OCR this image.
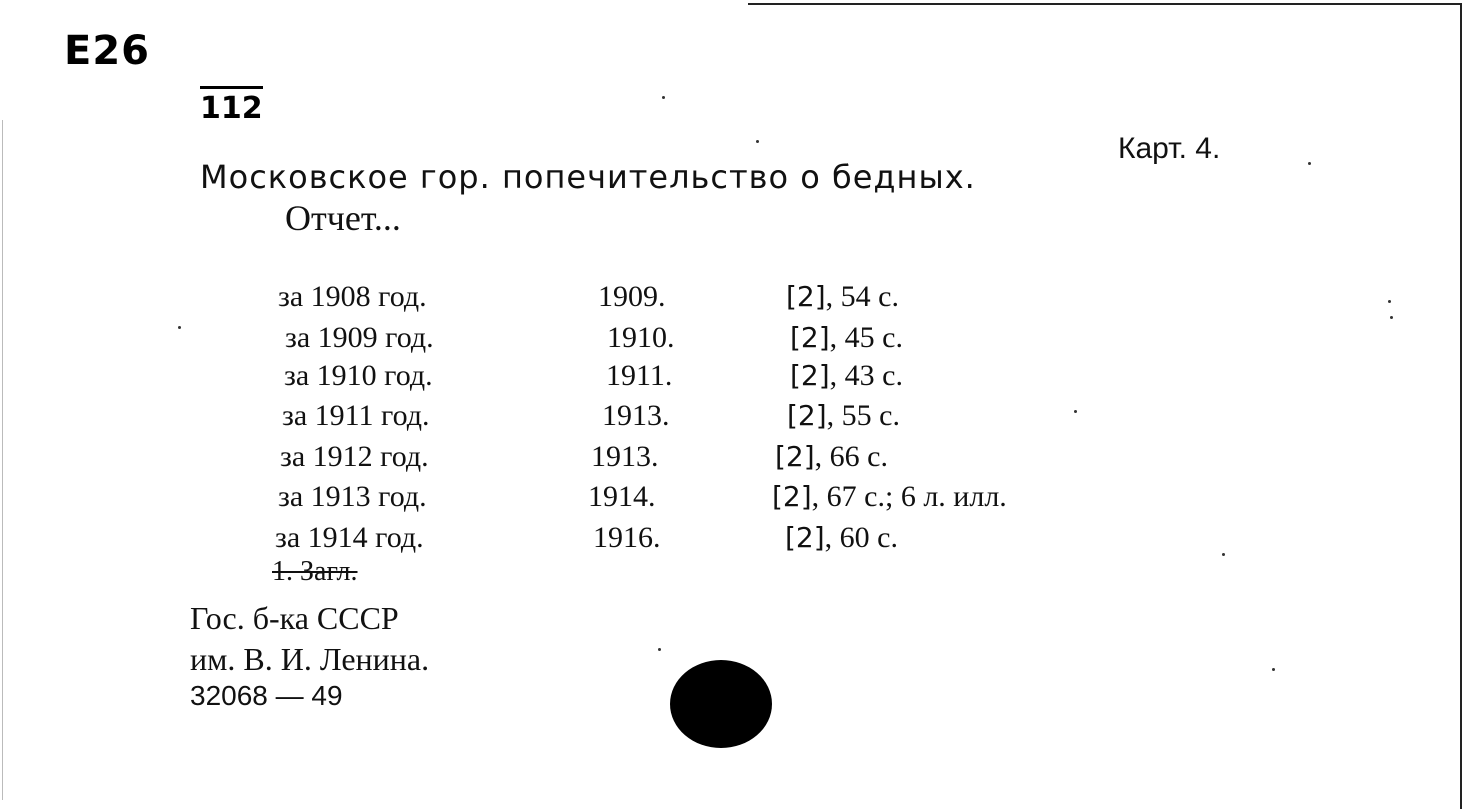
E26
112
Карт. 4.
Московское гор. попечительство о бедных.
Отчет...
за 1908 год.	1909.	[2], 54 с.
за 1909 год.	1910.	[2], 45 с.
за 1910 год.	1911.	[2], 43 с.
за 1911 год.	1913.	[2], 55 с.
за 1912 год.	1913.	[2], 66 с.
за 1913 год.	1914.	[2], 67 с.; 6 л. илл.
за 1914 год.	1916.	[2], 60 с.
1. Загл.
Гос. б-ка СССР
им. В. И. Ленина.
32068 — 49
